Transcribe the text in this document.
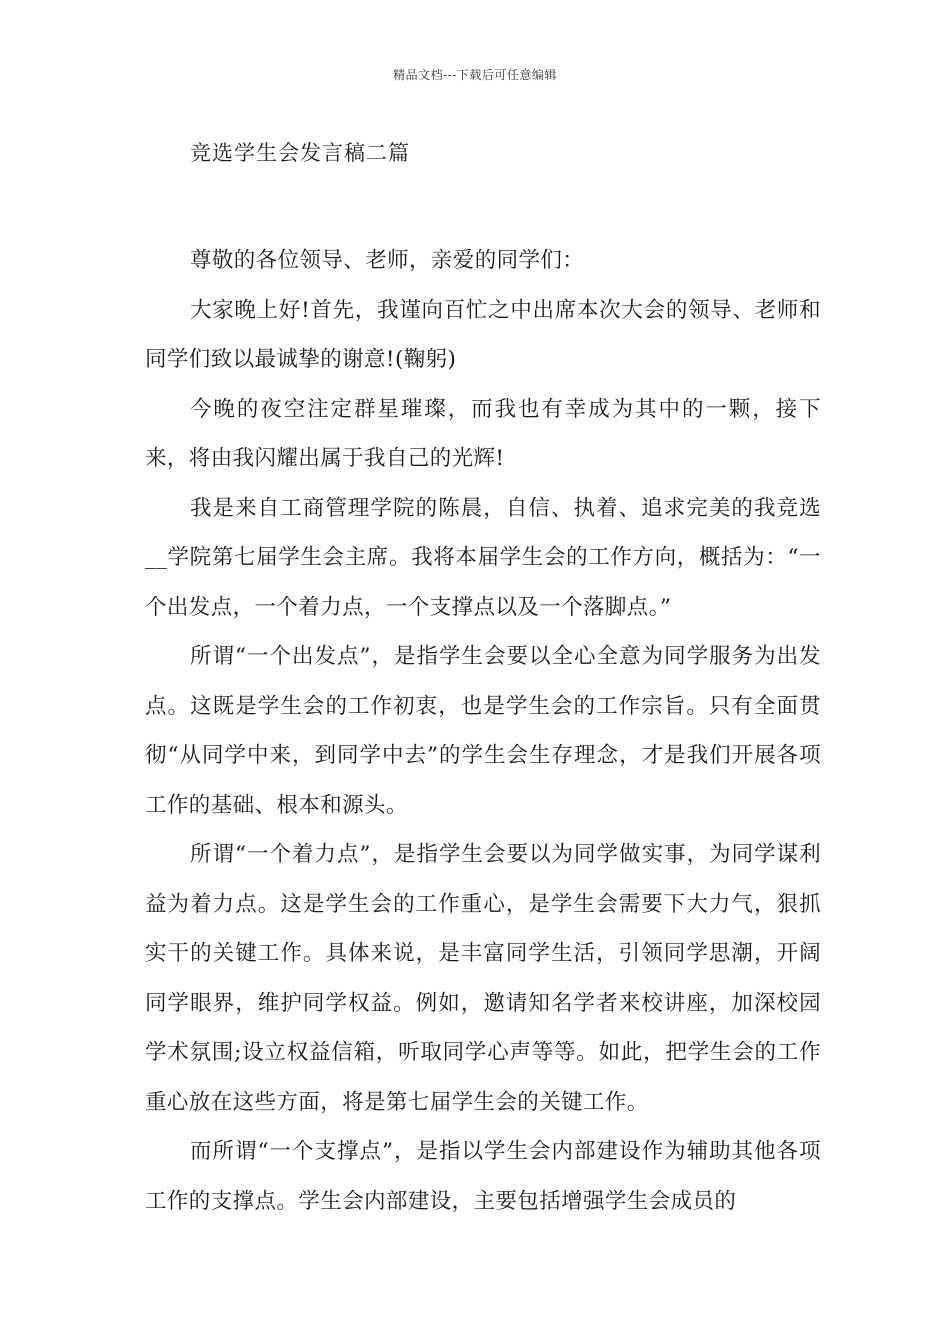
精品文档---下载后可任意编辑
竞选学生会发言稿二篇

尊敬的各位领导、老师，亲爱的同学们：

大家晚上好!首先，我谨向百忙之中出席本次大会的领导、老师和同学们致以最诚挚的谢意!(鞠躬)

今晚的夜空注定群星璀璨，而我也有幸成为其中的一颗，接下来，将由我闪耀出属于我自己的光辉!

我是来自工商管理学院的陈晨，自信、执着、追求完美的我竞选__学院第七届学生会主席。我将本届学生会的工作方向，概括为：“一个出发点，一个着力点，一个支撑点以及一个落脚点。”

所谓“一个出发点”，是指学生会要以全心全意为同学服务为出发点。这既是学生会的工作初衷，也是学生会的工作宗旨。只有全面贯彻“从同学中来，到同学中去”的学生会生存理念，才是我们开展各项工作的基础、根本和源头。

所谓“一个着力点”，是指学生会要以为同学做实事，为同学谋利益为着力点。这是学生会的工作重心，是学生会需要下大力气，狠抓实干的关键工作。具体来说，是丰富同学生活，引领同学思潮，开阔同学眼界，维护同学权益。例如，邀请知名学者来校讲座，加深校园学术氛围;设立权益信箱，听取同学心声等等。如此，把学生会的工作重心放在这些方面，将是第七届学生会的关键工作。

而所谓“一个支撑点”，是指以学生会内部建设作为辅助其他各项工作的支撑点。学生会内部建设，主要包括增强学生会成员的
